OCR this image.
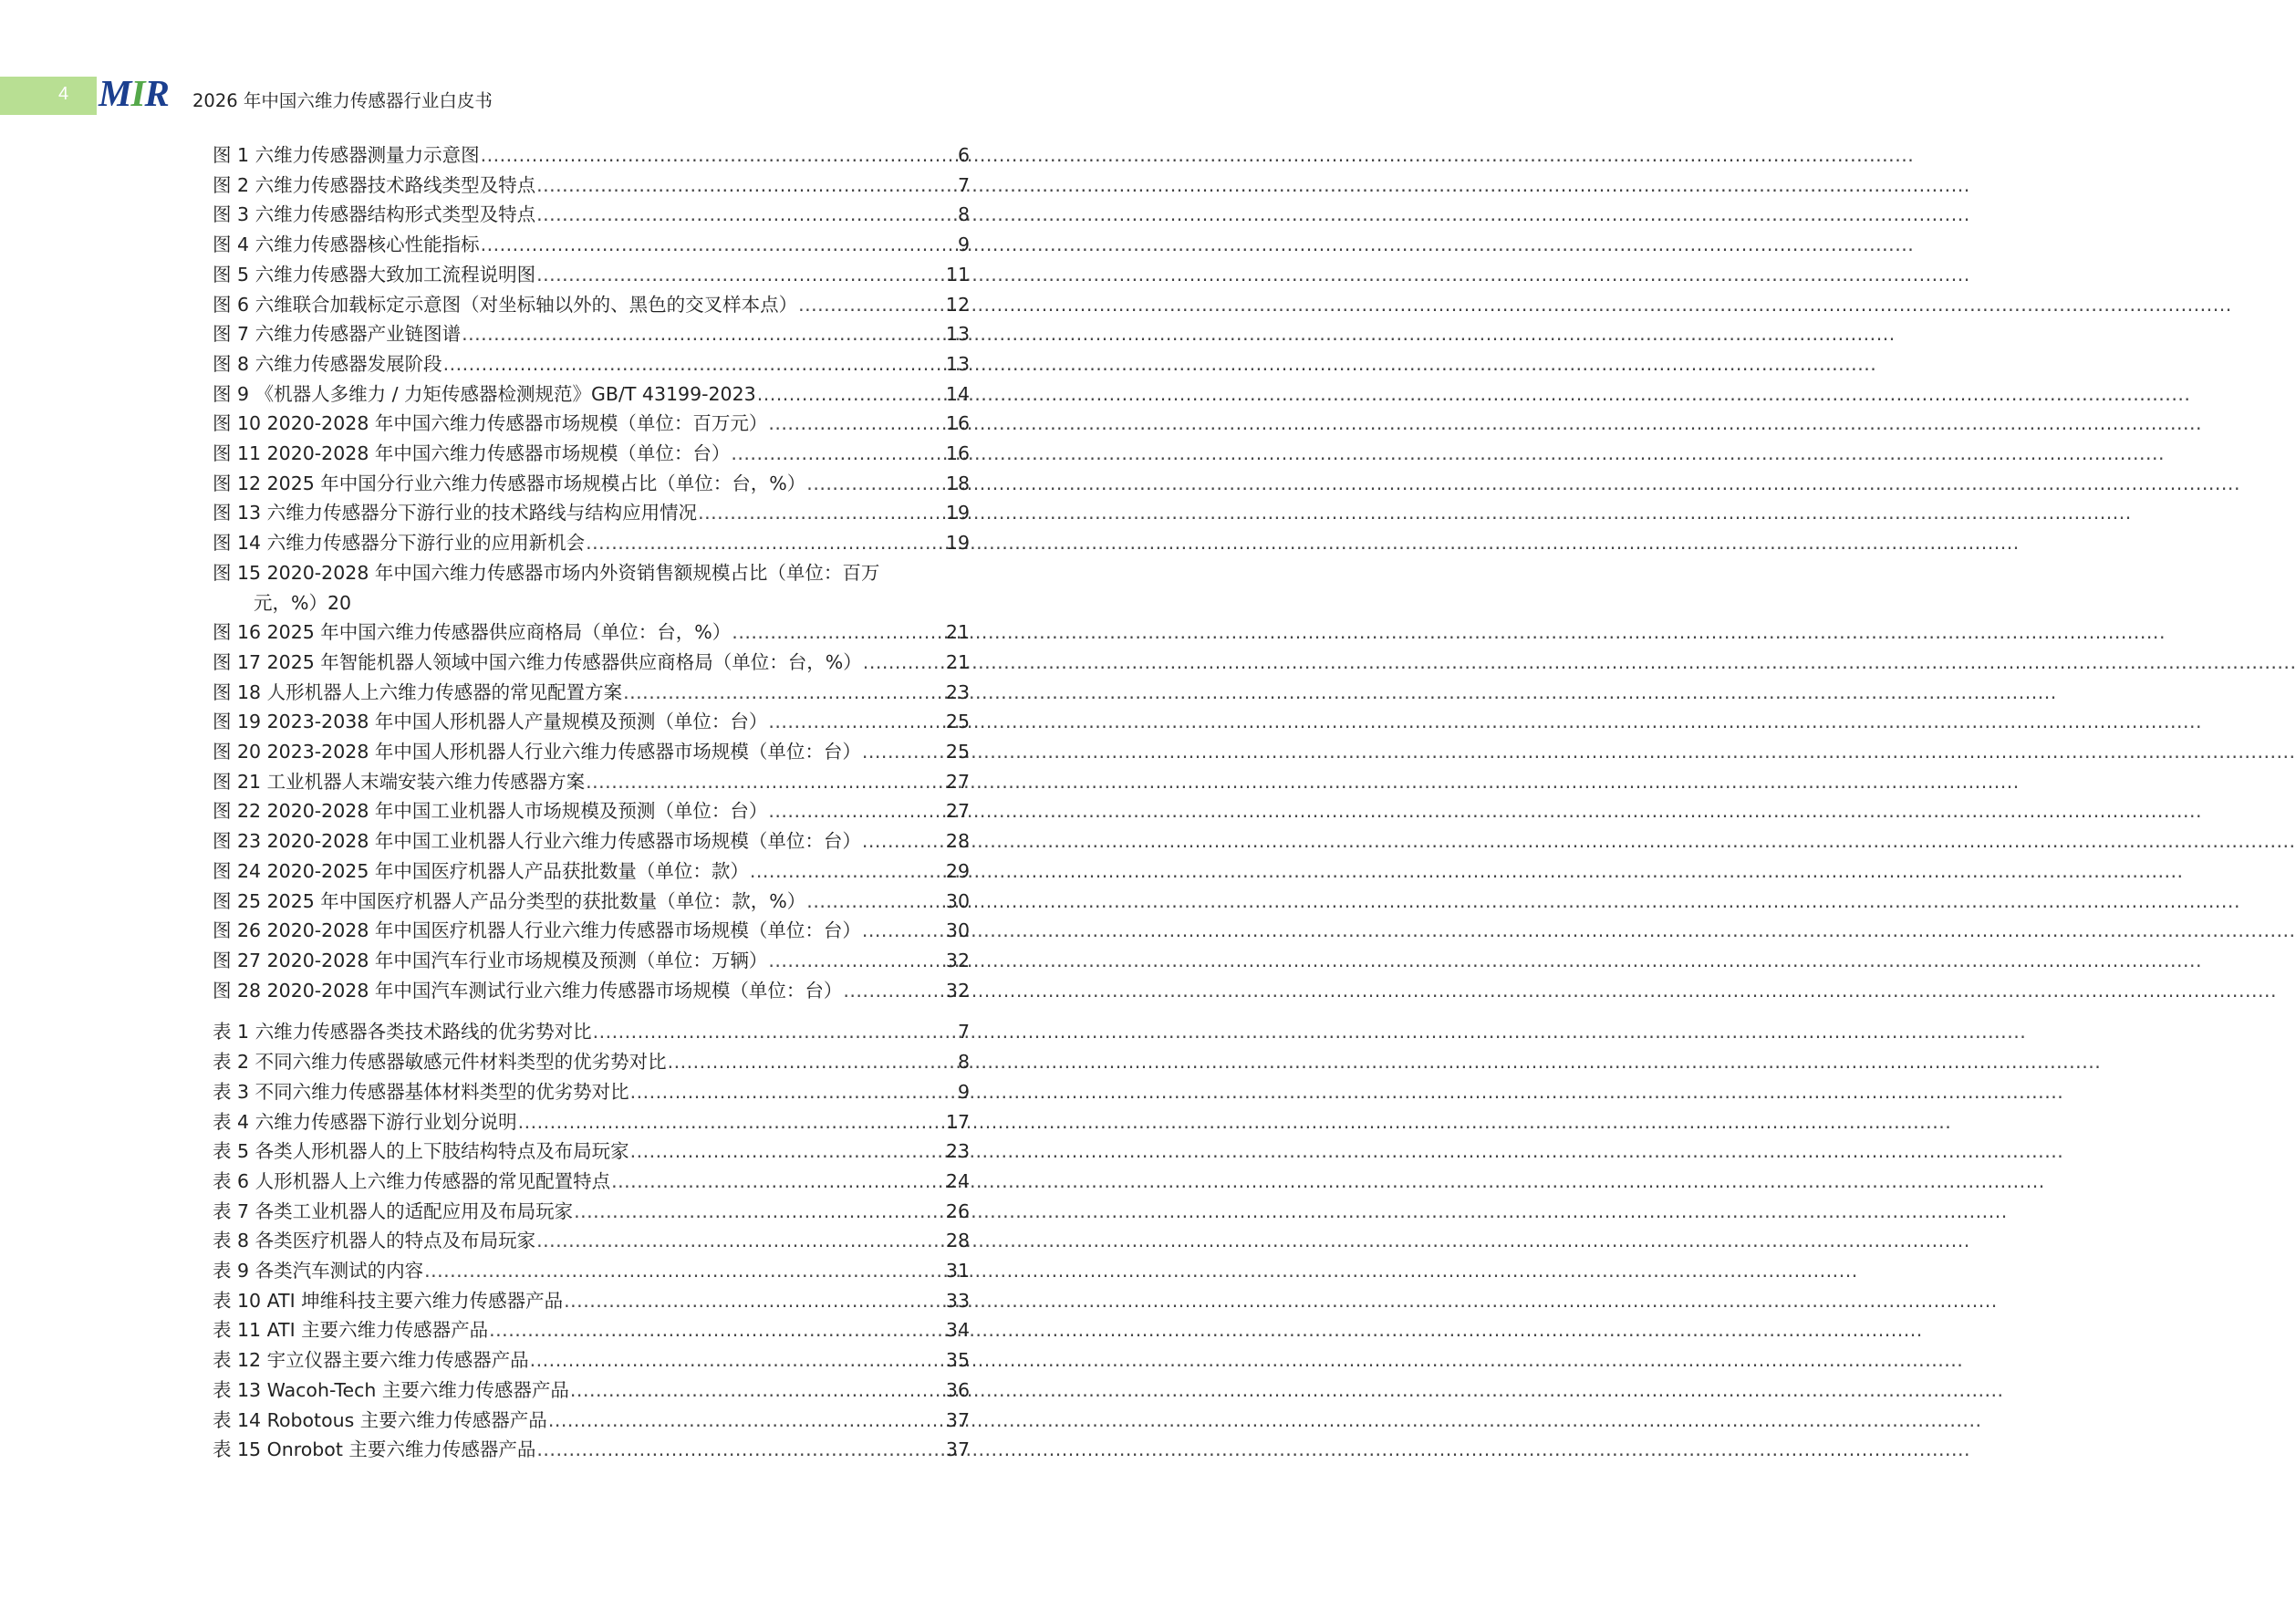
4 MIR 2026 年中国六维力传感器行业白皮书
图 1 六维力传感器测量力示意图 .....	6
图 2 六维力传感器技术路线类型及特点 .....	7
图 3 六维力传感器结构形式类型及特点 .....	8
图 4 六维力传感器核心性能指标 .....	9
图 5 六维力传感器大致加工流程说明图 .....	11
图 6 六维联合加载标定示意图（对坐标轴以外的、黑色的交叉样本点） .....	12
图 7 六维力传感器产业链图谱 .....	13
图 8 六维力传感器发展阶段 .....	13
图 9 《机器人多维力 / 力矩传感器检测规范》GB/T 43199-2023 .....	14
图 10 2020-2028 年中国六维力传感器市场规模（单位：百万元） .....	16
图 11 2020-2028 年中国六维力传感器市场规模（单位：台） .....	16
图 12 2025 年中国分行业六维力传感器市场规模占比（单位：台，%） .....	18
图 13 六维力传感器分下游行业的技术路线与结构应用情况 .....	19
图 14 六维力传感器分下游行业的应用新机会 .....	19
图 15 2020-2028 年中国六维力传感器市场内外资销售额规模占比（单位：百万
元，%） 20
图 16 2025 年中国六维力传感器供应商格局（单位：台，%） .....	21
图 17 2025 年智能机器人领域中国六维力传感器供应商格局（单位：台，%） .....	21
图 18 人形机器人上六维力传感器的常见配置方案 .....	23
图 19 2023-2038 年中国人形机器人产量规模及预测（单位：台） .....	25
图 20 2023-2028 年中国人形机器人行业六维力传感器市场规模（单位：台） .....	25
图 21 工业机器人末端安装六维力传感器方案 .....	27
图 22 2020-2028 年中国工业机器人市场规模及预测（单位：台） .....	27
图 23 2020-2028 年中国工业机器人行业六维力传感器市场规模（单位：台） .....	28
图 24 2020-2025 年中国医疗机器人产品获批数量（单位：款） .....	29
图 25 2025 年中国医疗机器人产品分类型的获批数量（单位：款，%） .....	30
图 26 2020-2028 年中国医疗机器人行业六维力传感器市场规模（单位：台） .....	30
图 27 2020-2028 年中国汽车行业市场规模及预测（单位：万辆） .....	32
图 28 2020-2028 年中国汽车测试行业六维力传感器市场规模（单位：台） .....	32
表 1 六维力传感器各类技术路线的优劣势对比 .....	7
表 2 不同六维力传感器敏感元件材料类型的优劣势对比 .....	8
表 3 不同六维力传感器基体材料类型的优劣势对比 .....	9
表 4 六维力传感器下游行业划分说明 .....	17
表 5 各类人形机器人的上下肢结构特点及布局玩家 .....	23
表 6 人形机器人上六维力传感器的常见配置特点 .....	24
表 7 各类工业机器人的适配应用及布局玩家 .....	26
表 8 各类医疗机器人的特点及布局玩家 .....	28
表 9 各类汽车测试的内容 .....	31
表 10 ATI 坤维科技主要六维力传感器产品 .....	33
表 11 ATI 主要六维力传感器产品 .....	34
表 12 宇立仪器主要六维力传感器产品 .....	35
表 13 Wacoh-Tech 主要六维力传感器产品 .....	36
表 14 Robotous 主要六维力传感器产品 .....	37
表 15 Onrobot 主要六维力传感器产品 .....	37
